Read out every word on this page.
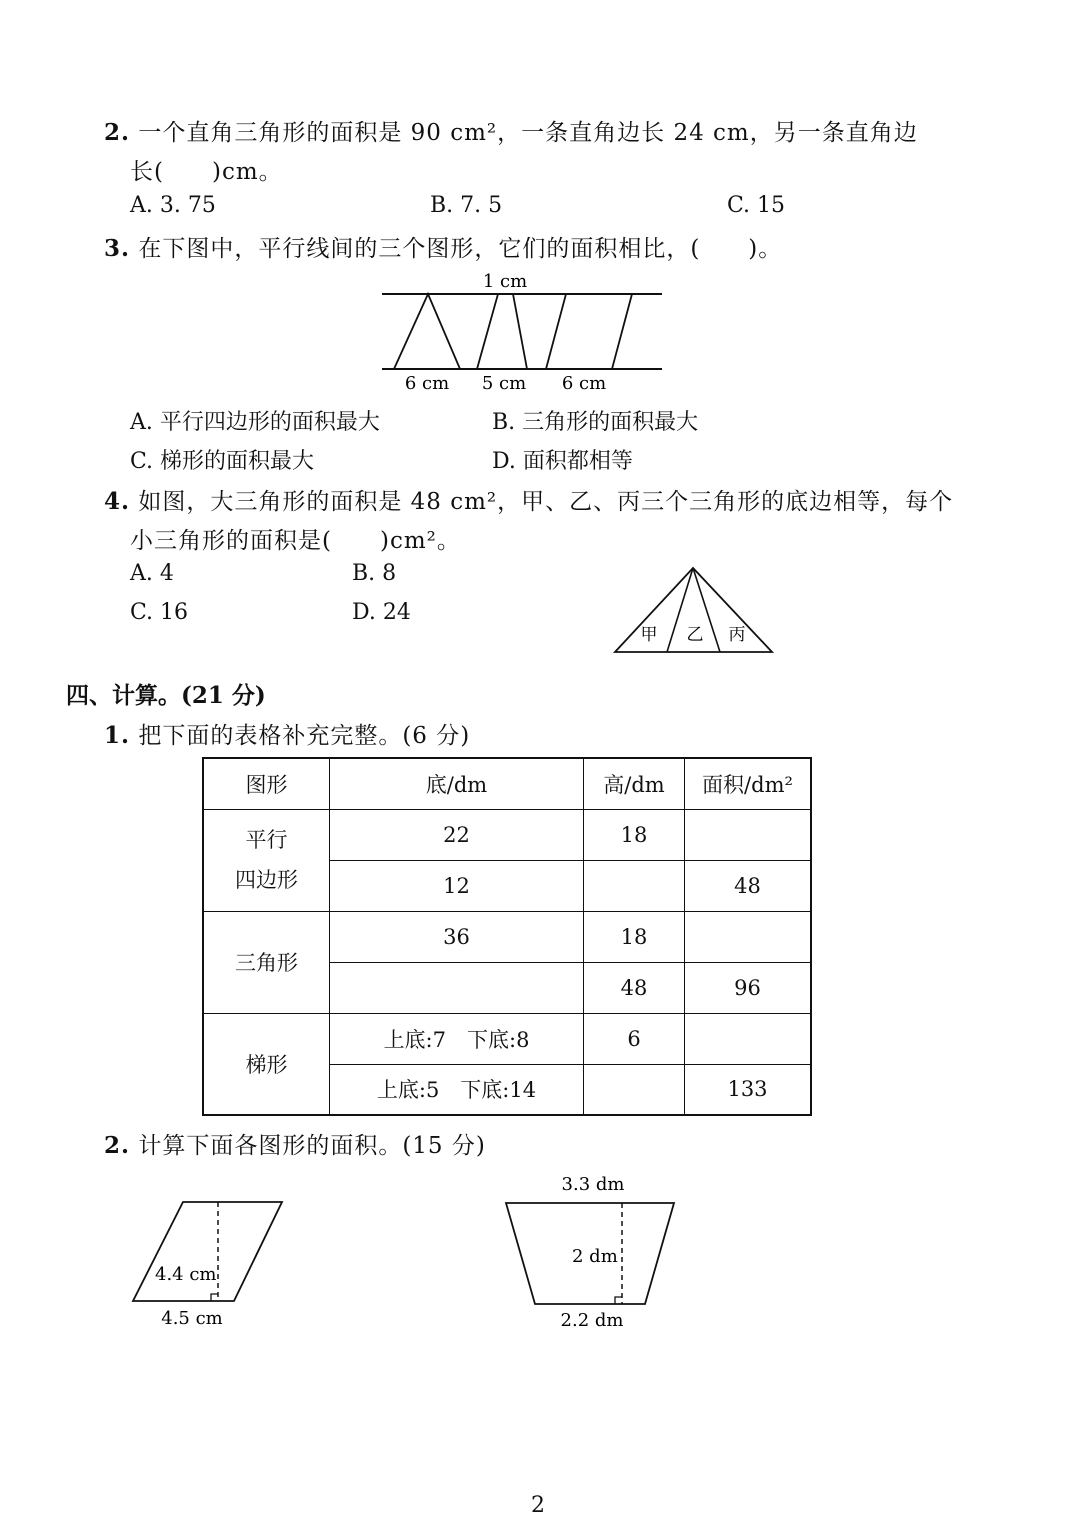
2. 一个直角三角形的面积是 90 cm²，一条直角边长 24 cm，另一条直角边
长(　　)cm。
A. 3. 75	B. 7. 5	C. 15
3. 在下图中，平行线间的三个图形，它们的面积相比，(　　)。
1 cm
6 cm 5 cm 6 cm
A. 平行四边形的面积最大	B. 三角形的面积最大
C. 梯形的面积最大	D. 面积都相等
4. 如图，大三角形的面积是 48 cm²，甲、乙、丙三个三角形的底边相等，每个
小三角形的面积是(　　)cm²。
A. 4	B. 8
C. 16	D. 24
甲 乙 丙
四、计算。(21 分)
1. 把下面的表格补充完整。(6 分)
图形	底/dm	高/dm	面积/dm²
平行
四边形	22	18	
	12		48
三角形	36	18	
		48	96
梯形	上底:7　下底:8	6	
	上底:5　下底:14		133
2. 计算下面各图形的面积。(15 分)
4.4 cm
4.5 cm
3.3 dm
2 dm
2.2 dm
2
